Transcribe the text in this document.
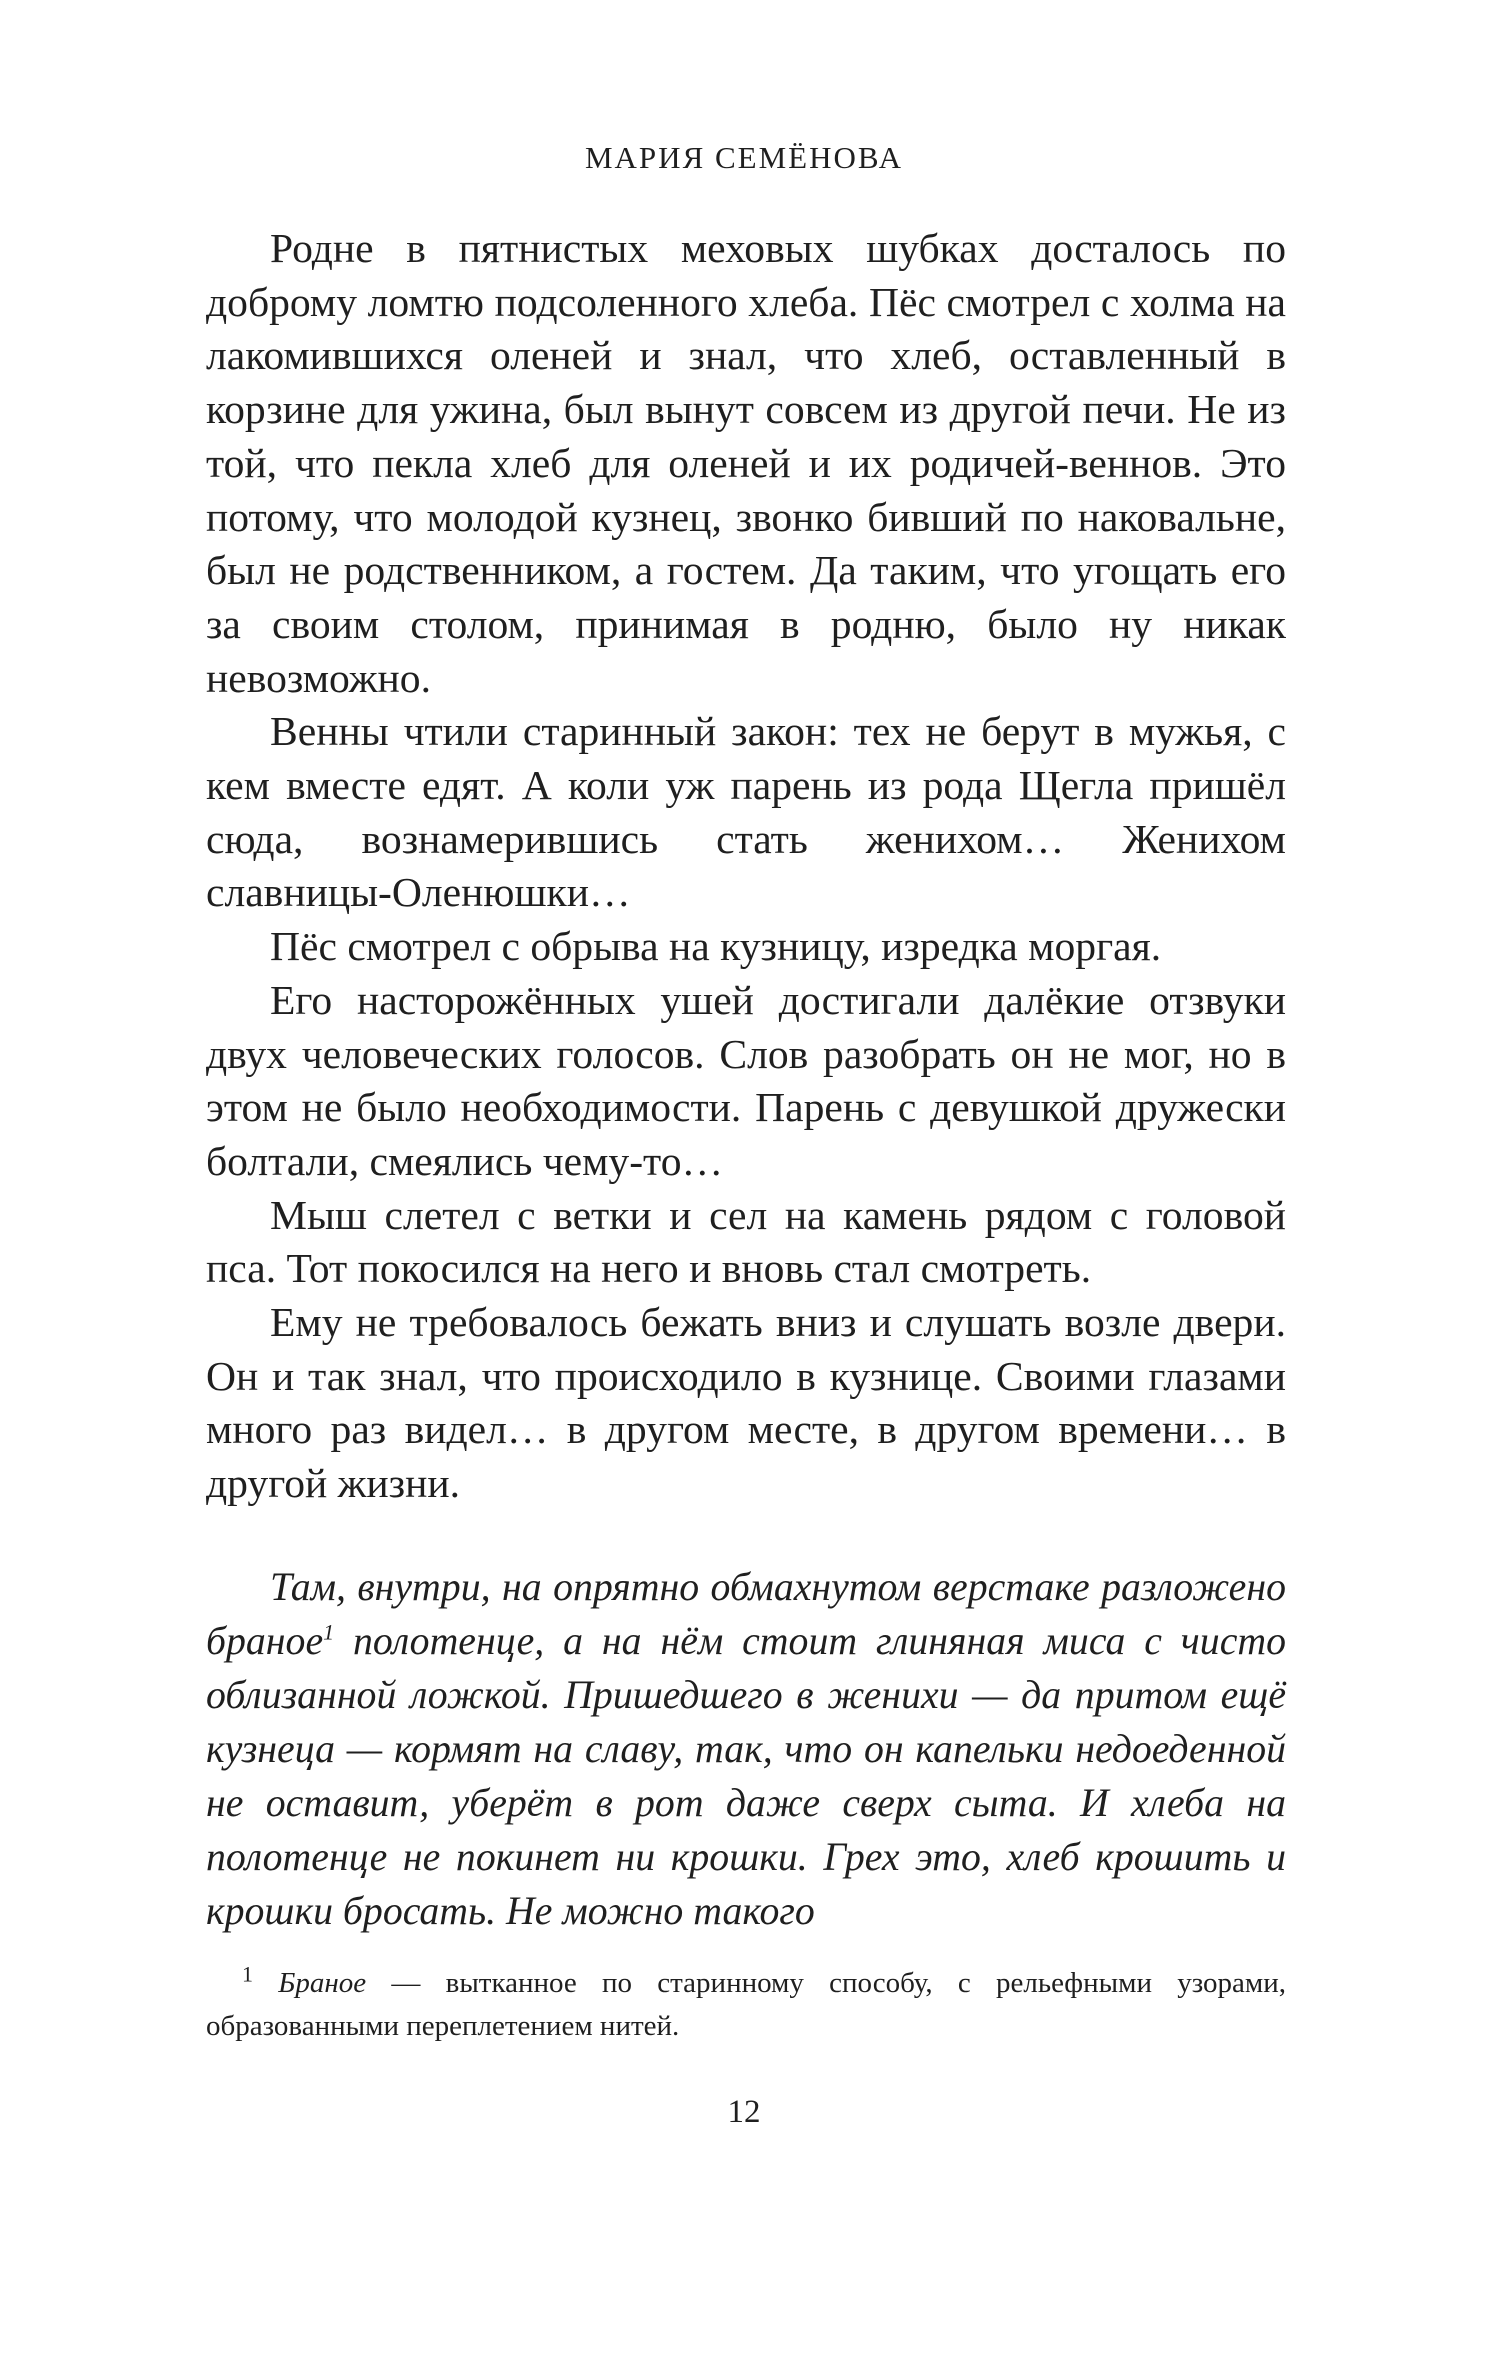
МАРИЯ СЕМЁНОВА

Родне в пятнистых меховых шубках досталось по доброму ломтю подсоленного хлеба. Пёс смотрел с холма на лакомившихся оленей и знал, что хлеб, оставленный в корзине для ужина, был вынут совсем из другой печи. Не из той, что пекла хлеб для оленей и их родичей-веннов. Это потому, что молодой кузнец, звонко бивший по наковальне, был не родственником, а гостем. Да таким, что угощать его за своим столом, принимая в родню, было ну никак невозможно.

Венны чтили старинный закон: тех не берут в мужья, с кем вместе едят. А коли уж парень из рода Щегла пришёл сюда, вознамерившись стать женихом… Женихом славницы-Оленюшки…

Пёс смотрел с обрыва на кузницу, изредка моргая.

Его насторожённых ушей достигали далёкие отзвуки двух человеческих голосов. Слов разобрать он не мог, но в этом не было необходимости. Парень с девушкой дружески болтали, смеялись чему-то…

Мыш слетел с ветки и сел на камень рядом с головой пса. Тот покосился на него и вновь стал смотреть.

Ему не требовалось бежать вниз и слушать возле двери. Он и так знал, что происходило в кузнице. Своими глазами много раз видел… в другом месте, в другом времени… в другой жизни.

Там, внутри, на опрятно обмахнутом верстаке разложено браное$^1$ полотенце, а на нём стоит глиняная миса с чисто облизанной ложкой. Пришедшего в женихи — да притом ещё кузнеца — кормят на славу, так, что он капельки недоеденной не оставит, уберёт в рот даже сверх сыта. И хлеба на полотенце не покинет ни крошки. Грех это, хлеб крошить и крошки бросать. Не можно такого

$^1$ Браное — вытканное по старинному способу, с рельефными узорами, образованными переплетением нитей.

12
